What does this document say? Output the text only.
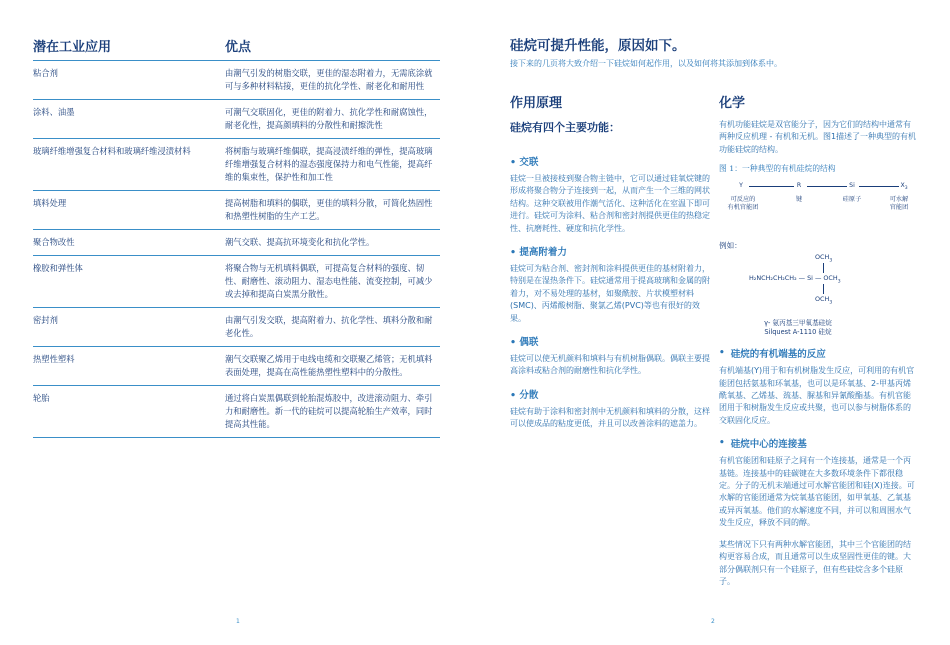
潜在工业应用	优点
粘合剂	由潮气引发的树脂交联，更佳的湿态附着力，无需底涂就可与多种材料粘接，更佳的抗化学性、耐老化和耐用性
涂料、油墨	可潮气交联固化，更佳的附着力、抗化学性和耐腐蚀性，耐老化性，提高颜填料的分散性和耐擦洗性
玻璃纤维增强复合材料和玻璃纤维浸渍材料	将树脂与玻璃纤维偶联，提高浸渍纤维的弹性，提高玻璃纤维增强复合材料的湿态强度保持力和电气性能，提高纤维的集束性，保护性和加工性
填料处理	提高树脂和填料的偶联，更佳的填料分散，可简化热固性和热塑性树脂的生产工艺。
聚合物改性	潮气交联、提高抗环境变化和抗化学性。
橡胶和弹性体	将聚合物与无机填料偶联，可提高复合材料的强度、韧性、耐磨性、滚动阻力、湿态电性能、流变控制，可减少或去掉和提高白炭黑分散性。
密封剂	由潮气引发交联，提高附着力、抗化学性、填料分散和耐老化性。
热塑性塑料	潮气交联聚乙烯用于电线电缆和交联聚乙烯管；无机填料表面处理，提高在高性能热塑性塑料中的分散性。
轮胎	通过将白炭黑偶联到轮胎混炼胶中，改进滚动阻力、牵引力和耐磨性。新一代的硅烷可以提高轮胎生产效率，同时提高其性能。
1
硅烷可提升性能，原因如下。
接下来的几页将大致介绍一下硅烷如何起作用，以及如何将其添加到体系中。
作用原理
硅烷有四个主要功能：
• 交联
硅烷一旦被接枝到聚合物主链中，它可以通过硅氧烷键的形成将聚合物分子连接到一起，从而产生一个三维的网状结构。这种交联被用作潮气活化、这种活化在室温下即可进行。硅烷可为涂料、粘合剂和密封剂提供更佳的热稳定性、抗磨耗性、硬度和抗化学性。
• 提高附着力
硅烷可为粘合剂、密封剂和涂料提供更佳的基材附着力，特别是在湿热条件下。硅烷通常用于提高玻璃和金属的附着力，对不易处理的基材，如聚酰胺、片状模塑材料(SMC)、丙烯酸树脂、聚氯乙烯(PVC)等也有很好的效果。
• 偶联
硅烷可以使无机颜料和填料与有机树脂偶联。偶联主要提高涂料或粘合剂的耐磨性和抗化学性。
• 分散
硅烷有助于涂料和密封剂中无机颜料和填料的分散，这样可以使成品的粘度更低，并且可以改善涂料的遮盖力。
化学
有机功能硅烷是双官能分子，因为它们的结构中通常有两种反应机理 - 有机和无机。图1描述了一种典型的有机功能硅烷的结构。
图 1：一种典型的有机硅烷的结构
Y	R	Si	$X_3$
可反应的
有机官能团
键	硅原子	可水解
官能团
例如：
$OCH_3$
H₂NCH₂CH₂CH₂ — Si — $OCH_3$
$OCH_3$
γ- 氨丙基三甲氧基硅烷
Silquest A-1110 硅烷
• 硅烷的有机端基的反应
有机端基(Y)用于和有机树脂发生反应，可利用的有机官能团包括氨基和环氧基，也可以是环氧基、2-甲基丙烯酰氧基、乙烯基、巯基、脲基和异氰酸酯基。有机官能团用于和树脂发生反应或共聚，也可以参与树脂体系的交联固化反应。
• 硅烷中心的连接基
有机官能团和硅原子之间有一个连接基，通常是一个丙基链。连接基中的硅碳键在大多数环境条件下都很稳定。分子的无机末端通过可水解官能团和硅(X)连接。可水解的官能团通常为烷氧基官能团，如甲氧基、乙氧基或异丙氧基。他们的水解速度不同，并可以和周围水气发生反应，释放不同的醇。
某些情况下只有两种水解官能团，其中三个官能团的结构更容易合成，而且通常可以生成坚固性更佳的键。大部分偶联剂只有一个硅原子，但有些硅烷含多个硅原子。
2
